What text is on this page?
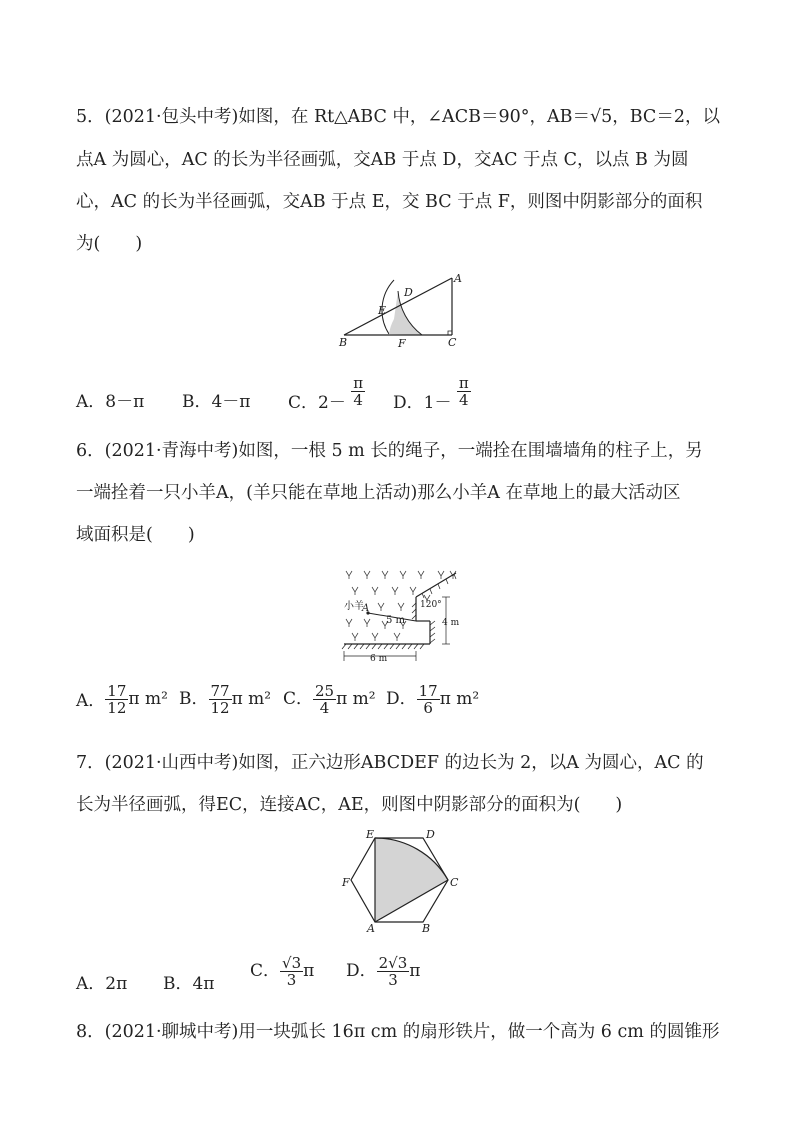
5．(2021·包头中考)如图，在 Rt△ABC 中，∠ACB＝90°，AB＝√5，BC＝2，以
点A 为圆心，AC 的长为半径画弧，交AB 于点 D，交AC 于点 C，以点 B 为圆
心，AC 的长为半径画弧，交AB 于点 E，交 BC 于点 F，则图中阴影部分的面积
为(　　)
A
B	C
D
E
F
A．8－π B．4－π C．$2- \frac{\pi}{4}$ D．$1- \frac{\pi}{4}$
6．(2021·青海中考)如图，一根 5 m 长的绳子，一端拴在围墙墙角的柱子上，另
一端拴着一只小羊A，(羊只能在草地上活动)那么小羊A 在草地上的最大活动区
域面积是(　　)
小羊
A
5 m
120°
4 m
6 m
A． $\frac{17}{12}$ π m² B． $\frac{77}{12}$ π m² C． $\frac{25}{4}$ π m² D． $\frac{17}{6}$ π m²
7．(2021·山西中考)如图，正六边形ABCDEF 的边长为 2，以A 为圆心，AC 的
长为半径画弧，得EC，连接AC，AE，则图中阴影部分的面积为(　　)
A	B
C
D
E
F
A．2π B．4π
C． $\frac{√3}{3}$ π D． $\frac{2√3}{3}$ π
8．(2021·聊城中考)用一块弧长 16π cm 的扇形铁片，做一个高为 6 cm 的圆锥形
